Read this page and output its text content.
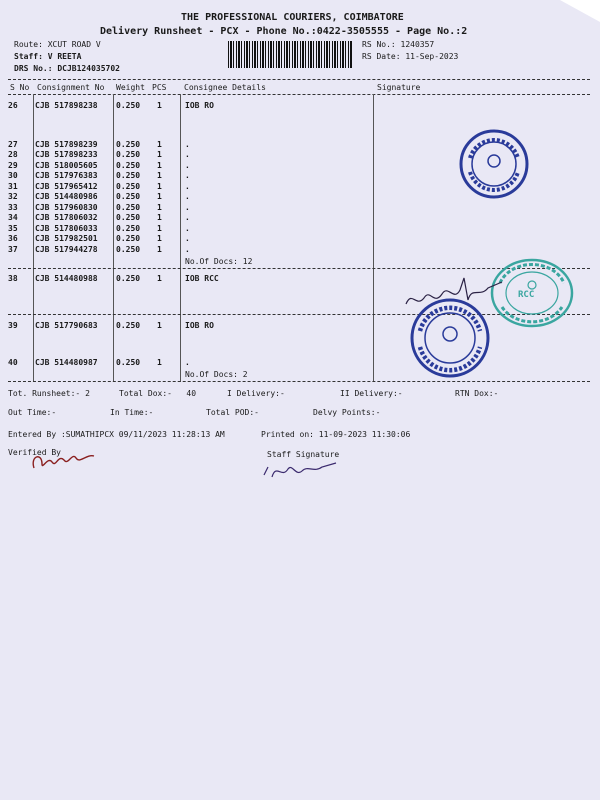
THE PROFESSIONAL COURIERS, COIMBATORE
Delivery Runsheet - PCX - Phone No.:0422-3505555 - Page No.:2
Route: XCUT ROAD V
Staff: V REETA
DRS No.: DCJB124035702
RS No.: 1240357
RS Date: 11-Sep-2023
S No Consignment No Weight PCS Consignee Details	Signature
26 CJB 517898238 0.250 1	IOB RO
27 CJB 517898239 0.250 1	.
28 CJB 517898233 0.250 1	.
29 CJB 518005605 0.250 1	.
30 CJB 517976383 0.250 1	.
31 CJB 517965412 0.250 1	.
32 CJB 514480986 0.250 1	.
33 CJB 517960830 0.250 1	.
34 CJB 517806032 0.250 1	.
35 CJB 517806033 0.250 1	.
36 CJB 517982501 0.250 1	.
37 CJB 517944278 0.250 1	.
No.Of Docs: 12
38 CJB 514480988 0.250 1	IOB RCC
39 CJB 517790683 0.250 1	IOB RO
40 CJB 514480987 0.250 1	.
No.Of Docs: 2
Tot. Runsheet:- 2	Total Dox:-   40	I Delivery:-	II Delivery:-	RTN Dox:-
Out Time:-	In Time:-	Total POD:-	Delvy Points:-
Entered By :SUMATHIPCX 09/11/2023 11:28:13 AM	Printed on: 11-09-2023 11:30:06
Verified By	Staff Signature
RCC
